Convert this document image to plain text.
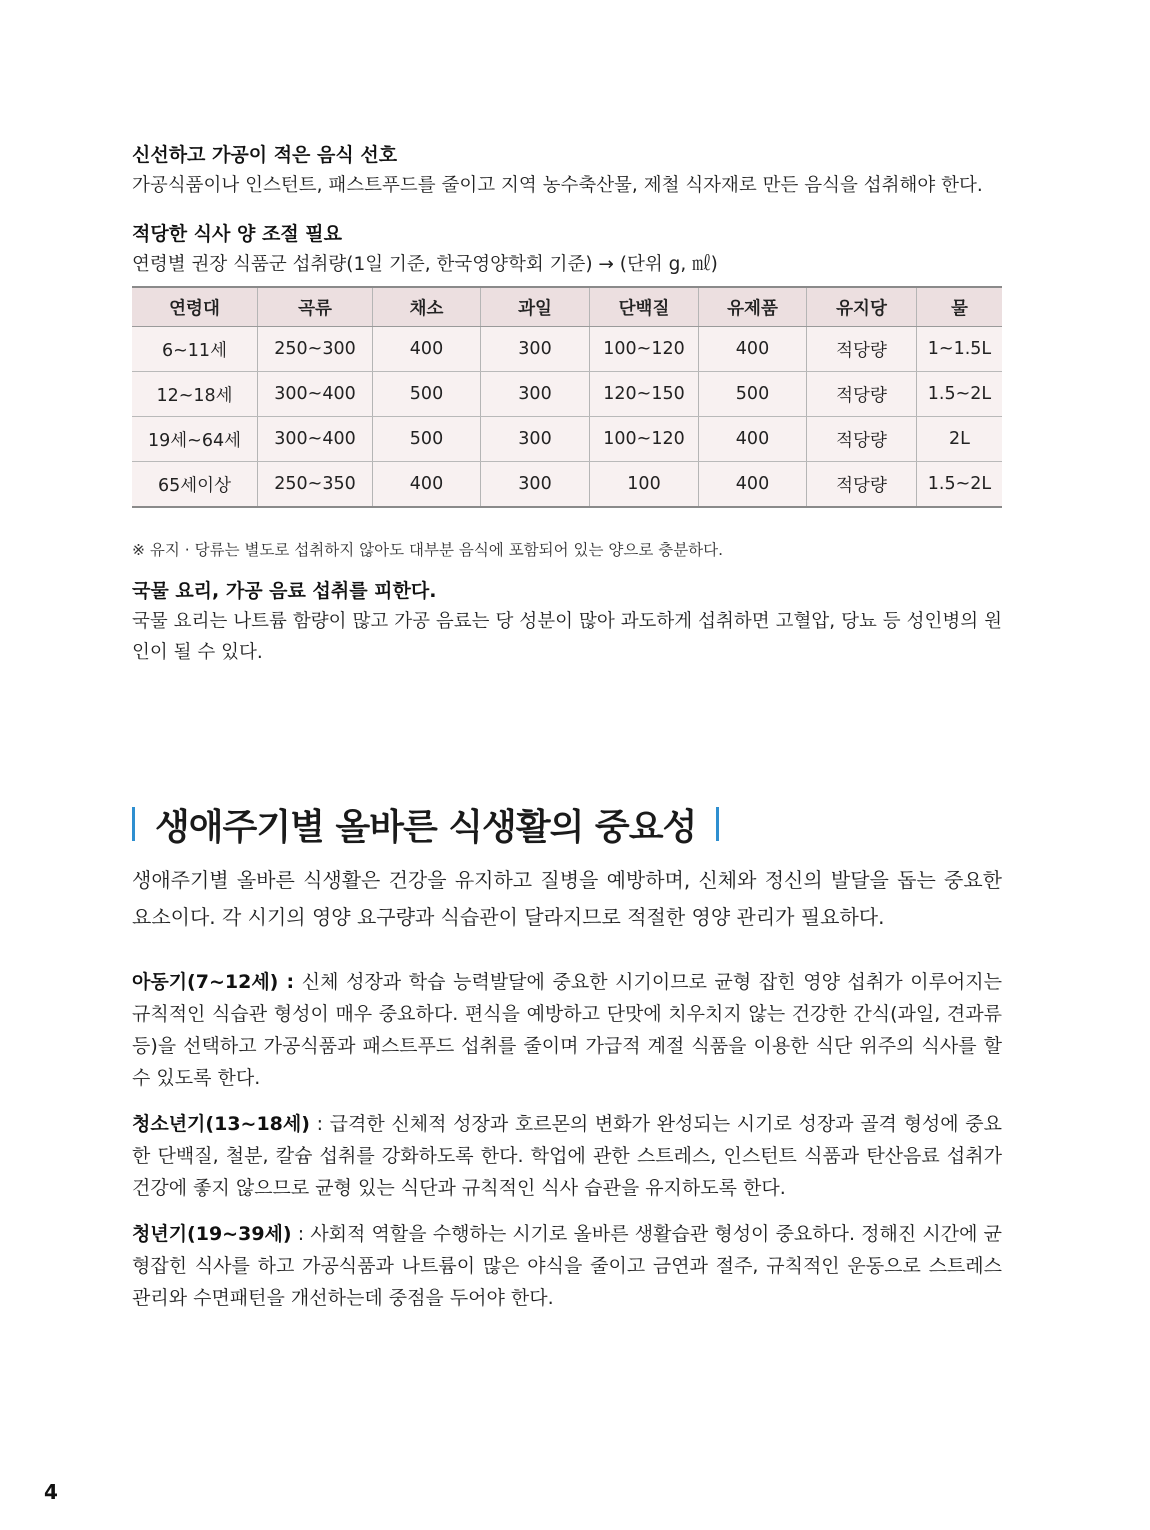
신선하고 가공이 적은 음식 선호
가공식품이나 인스턴트, 패스트푸드를 줄이고 지역 농수축산물, 제철 식자재로 만든 음식을 섭취해야 한다.
적당한 식사 양 조절 필요
연령별 권장 식품군 섭취량(1일 기준, 한국영양학회 기준) → (단위 g, ㎖)
연령대	곡류	채소	과일	단백질	유제품	유지당	물
6~11세	250~300	400	300	100~120	400	적당량	1~1.5L
12~18세	300~400	500	300	120~150	500	적당량	1.5~2L
19세~64세	300~400	500	300	100~120	400	적당량	2L
65세이상	250~350	400	300	100	400	적당량	1.5~2L
※ 유지 · 당류는 별도로 섭취하지 않아도 대부분 음식에 포함되어 있는 양으로 충분하다.
국물 요리, 가공 음료 섭취를 피한다.
국물 요리는 나트륨 함량이 많고 가공 음료는 당 성분이 많아 과도하게 섭취하면 고혈압, 당뇨 등 성인병의 원인이 될 수 있다.
생애주기별 올바른 식생활의 중요성
생애주기별 올바른 식생활은 건강을 유지하고 질병을 예방하며, 신체와 정신의 발달을 돕는 중요한 요소이다. 각 시기의 영양 요구량과 식습관이 달라지므로 적절한 영양 관리가 필요하다.
아동기(7~12세) : 신체 성장과 학습 능력발달에 중요한 시기이므로 균형 잡힌 영양 섭취가 이루어지는 규칙적인 식습관 형성이 매우 중요하다. 편식을 예방하고 단맛에 치우치지 않는 건강한 간식(과일, 견과류 등)을 선택하고 가공식품과 패스트푸드 섭취를 줄이며 가급적 계절 식품을 이용한 식단 위주의 식사를 할 수 있도록 한다.
청소년기(13~18세) : 급격한 신체적 성장과 호르몬의 변화가 완성되는 시기로 성장과 골격 형성에 중요한 단백질, 철분, 칼슘 섭취를 강화하도록 한다. 학업에 관한 스트레스, 인스턴트 식품과 탄산음료 섭취가 건강에 좋지 않으므로 균형 있는 식단과 규칙적인 식사 습관을 유지하도록 한다.
청년기(19~39세) : 사회적 역할을 수행하는 시기로 올바른 생활습관 형성이 중요하다. 정해진 시간에 균형잡힌 식사를 하고 가공식품과 나트륨이 많은 야식을 줄이고 금연과 절주, 규칙적인 운동으로 스트레스 관리와 수면패턴을 개선하는데 중점을 두어야 한다.
4
